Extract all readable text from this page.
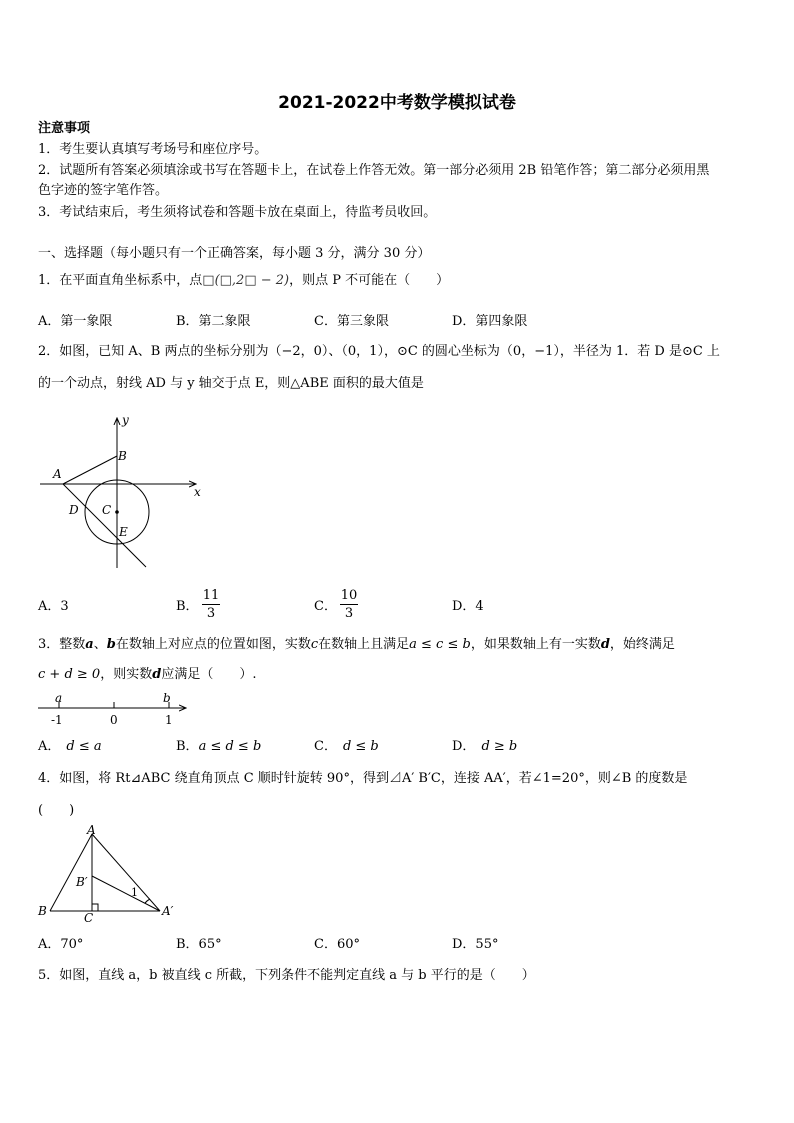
2021-2022中考数学模拟试卷
注意事项
1．考生要认真填写考场号和座位序号。
2．试题所有答案必须填涂或书写在答题卡上，在试卷上作答无效。第一部分必须用 2B 铅笔作答；第二部分必须用黑
色字迹的签字笔作答。
3．考试结束后，考生须将试卷和答题卡放在桌面上，待监考员收回。
一、选择题（每小题只有一个正确答案，每小题 3 分，满分 30 分）
1．在平面直角坐标系中，点□(□,2□ − 2)，则点 P 不可能在（　　）
A．第一象限	B．第二象限	C．第三象限	D．第四象限
2．如图，已知 A、B 两点的坐标分别为（−2，0）、（0，1），⊙C 的圆心坐标为（0，−1），半径为 1．若 D 是⊙C 上
的一个动点，射线 AD 与 y 轴交于点 E，则△ABE 面积的最大值是
y
x
A
B
C
D
E
A．3	B．
11
3	C．
10
3	D．4
3．整数a、b在数轴上对应点的位置如图，实数c在数轴上且满足a ≤ c ≤ b，如果数轴上有一实数d，始终满足
c + d ≥ 0，则实数d应满足（　　）.
a	b
-1	0	1
A． d ≤ a	B．a ≤ d ≤ b	C． d ≤ b	D． d ≥ b
4．如图，将 Rt⊿ABC 绕直角顶点 C 顺时针旋转 90°，得到⊿A′ B′C，连接 AA′，若∠1=20°，则∠B 的度数是
(　　)
A
B	C
B′
A′
1
A．70°	B．65°	C．60°	D．55°
5．如图，直线 a，b 被直线 c 所截，下列条件不能判定直线 a 与 b 平行的是（　　）
